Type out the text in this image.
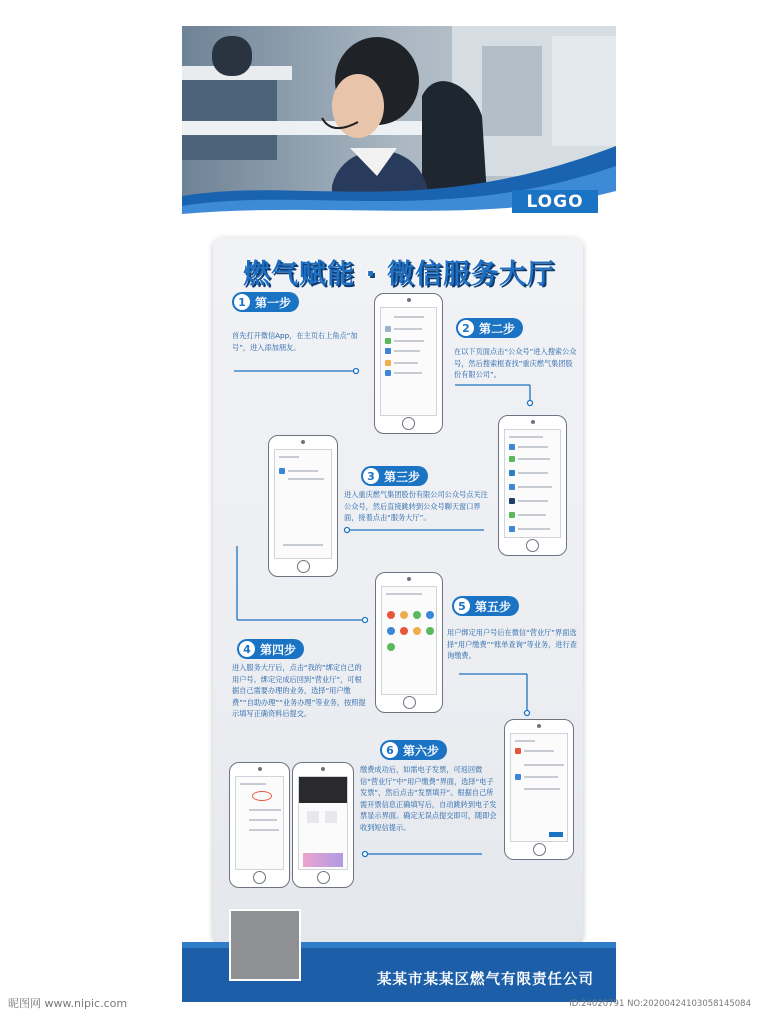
LOGO
燃气赋能 · 微信服务大厅
1 第一步
首先打开微信App，在主页右上角点“加号”，进入添加朋友。
2 第二步
在以下页面点击“公众号”进入搜索公众号，然后搜索框查找“重庆燃气集团股份有限公司”。
3 第三步
进入重庆燃气集团股份有限公司公众号点关注公众号，然后直接跳转到公众号聊天窗口界面，接着点击“服务大厅”。
5 第五步
用户绑定用户号后在微信“营业厅”界面选择“用户缴费”“账单查询”等业务，进行查询缴费。
4 第四步
进入服务大厅后，点击“我的”绑定自己的用户号。绑定完成后回到“营业厅”，可根据自己需要办理的业务，选择“用户缴费”“自助办理”“业务办理”等业务，按照提示填写正确资料后提交。
6 第六步
缴费成功后，如需电子发票，可返回微信“营业厅”中“用户缴费”界面，选择“电子发票”，然后点击“发票填开”。根据自己所需开票信息正确填写后，自动跳转到电子发票显示界面。确定无误点提交即可，随即会收到短信提示。
某某市某某区燃气有限责任公司
昵图网 www.nipic.com	ID:24020791 NO:20200424103058145084
